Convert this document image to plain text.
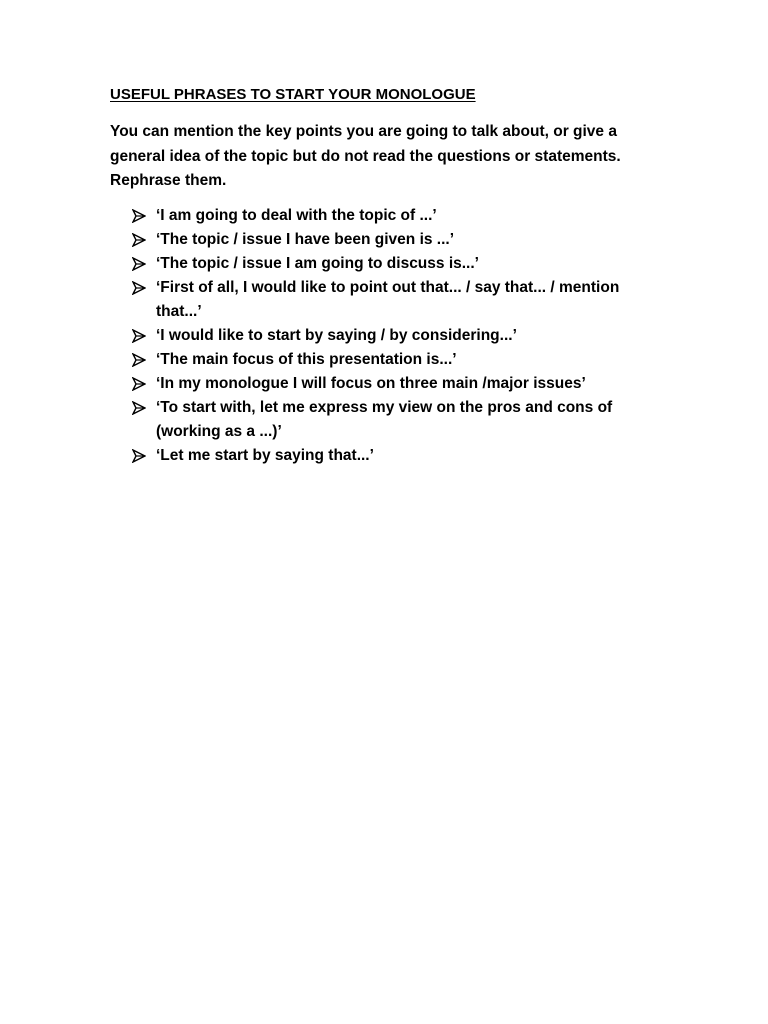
USEFUL PHRASES TO START YOUR MONOLOGUE

You can mention the key points you are going to talk about, or give a

general idea of the topic but do not read the questions or statements.

Rephrase them.

‘I am going to deal with the topic of ...’
‘The topic / issue I have been given is ...’
‘The topic / issue I am going to discuss is...’
‘First of all, I would like to point out that... / say that... / mention that...’
‘I would like to start by saying / by considering...’
‘The main focus of this presentation is...’
‘In my monologue I will focus on three main /major issues’
‘To start with, let me express my view on the pros and cons of (working as a ...)’
‘Let me start by saying that...’
